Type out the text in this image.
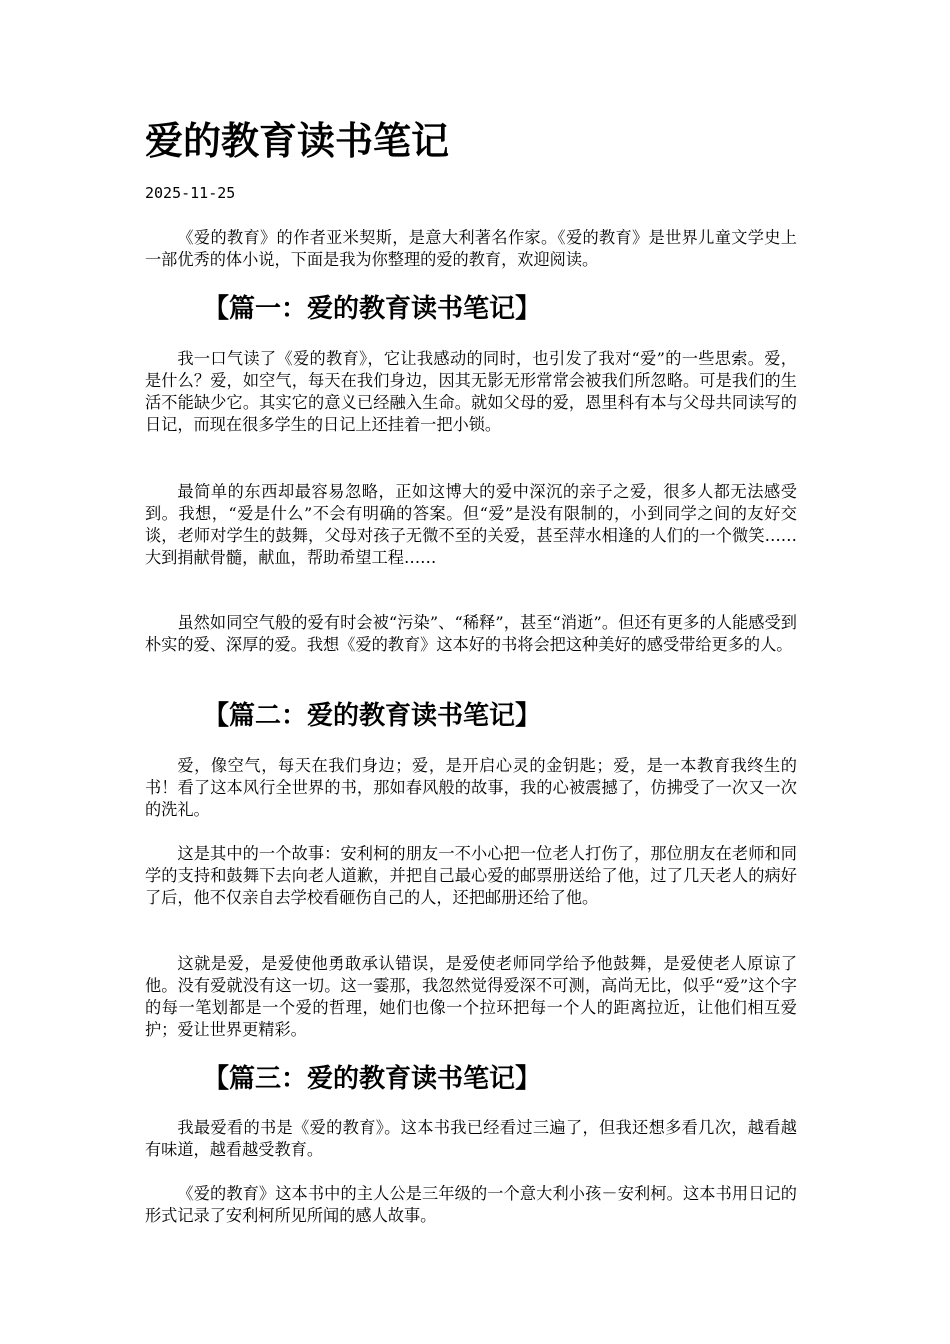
爱的教育读书笔记
2025-11-25

《爱的教育》的作者亚米契斯，是意大利著名作家。《爱的教育》是世界儿童文学史上一部优秀的体小说，下面是我为你整理的爱的教育，欢迎阅读。

【篇一：爱的教育读书笔记】

我一口气读了《爱的教育》，它让我感动的同时，也引发了我对“爱”的一些思索。爱，是什么？爱，如空气，每天在我们身边，因其无影无形常常会被我们所忽略。可是我们的生活不能缺少它。其实它的意义已经融入生命。就如父母的爱，恩里科有本与父母共同读写的日记，而现在很多学生的日记上还挂着一把小锁。

最简单的东西却最容易忽略，正如这博大的爱中深沉的亲子之爱，很多人都无法感受到。我想，“爱是什么”不会有明确的答案。但“爱”是没有限制的，小到同学之间的友好交谈，老师对学生的鼓舞，父母对孩子无微不至的关爱，甚至萍水相逢的人们的一个微笑……大到捐献骨髓，献血，帮助希望工程……

虽然如同空气般的爱有时会被“污染”、“稀释”，甚至“消逝”。但还有更多的人能感受到朴实的爱、深厚的爱。我想《爱的教育》这本好的书将会把这种美好的感受带给更多的人。

【篇二：爱的教育读书笔记】

爱，像空气，每天在我们身边；爱，是开启心灵的金钥匙；爱，是一本教育我终生的书！看了这本风行全世界的书，那如春风般的故事，我的心被震撼了，仿拂受了一次又一次的洗礼。

这是其中的一个故事：安利柯的朋友一不小心把一位老人打伤了，那位朋友在老师和同学的支持和鼓舞下去向老人道歉，并把自己最心爱的邮票册送给了他，过了几天老人的病好了后，他不仅亲自去学校看砸伤自己的人，还把邮册还给了他。

这就是爱，是爱使他勇敢承认错误，是爱使老师同学给予他鼓舞，是爱使老人原谅了他。没有爱就没有这一切。这一霎那，我忽然觉得爱深不可测，高尚无比，似乎“爱”这个字的每一笔划都是一个爱的哲理，她们也像一个拉环把每一个人的距离拉近，让他们相互爱护；爱让世界更精彩。

【篇三：爱的教育读书笔记】

我最爱看的书是《爱的教育》。这本书我已经看过三遍了，但我还想多看几次，越看越有味道，越看越受教育。

《爱的教育》这本书中的主人公是三年级的一个意大利小孩－安利柯。这本书用日记的形式记录了安利柯所见所闻的感人故事。
